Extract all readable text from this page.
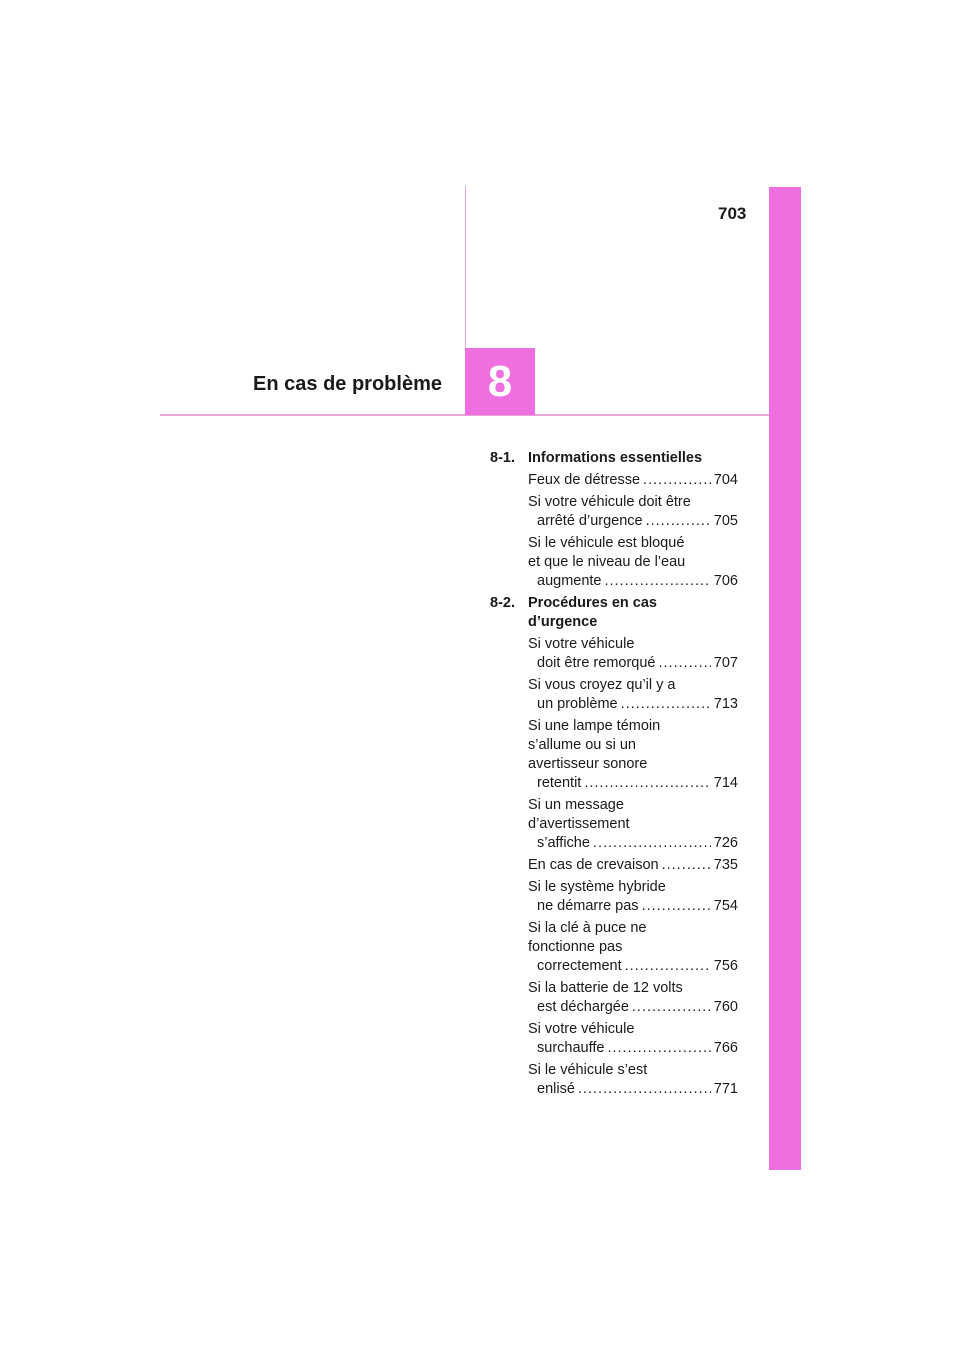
703
8
En cas de problème
8-1. Informations essentielles
Feux de détresse .....	704
Si votre véhicule doit être
arrêté d’urgence .....	705
Si le véhicule est bloqué
et que le niveau de l’eau
augmente .....	706
8-2. Procédures en cas
d’urgence
Si votre véhicule
doit être remorqué .....	707
Si vous croyez qu’il y a
un problème .....	713
Si une lampe témoin
s’allume ou si un
avertisseur sonore
retentit .....	714
Si un message
d’avertissement
s’affiche .....	726
En cas de crevaison .....	735
Si le système hybride
ne démarre pas .....	754
Si la clé à puce ne
fonctionne pas
correctement .....	756
Si la batterie de 12 volts
est déchargée .....	760
Si votre véhicule
surchauffe .....	766
Si le véhicule s’est
enlisé .....	771
